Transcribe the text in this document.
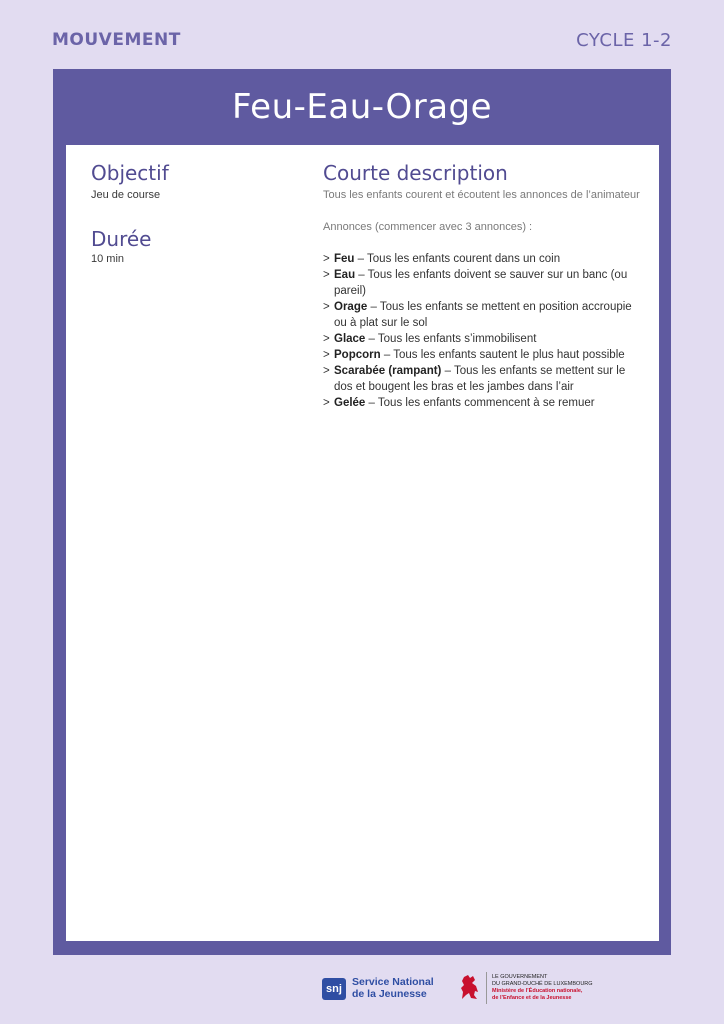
MOUVEMENT	CYCLE 1-2
Feu-Eau-Orage
Objectif
Jeu de course
Durée
10 min
Courte description
Tous les enfants courent et écoutent les annonces de l’animateur
Annonces (commencer avec 3 annonces) :
> Feu – Tous les enfants courent dans un coin
> Eau – Tous les enfants doivent se sauver sur un banc (ou pareil)
> Orage – Tous les enfants se mettent en position accroupie ou à plat sur le sol
> Glace – Tous les enfants s’immobilisent
> Popcorn – Tous les enfants sautent le plus haut possible
> Scarabée (rampant) – Tous les enfants se mettent sur le dos et bougent les bras et les jambes dans l’air
> Gelée – Tous les enfants commencent à se remuer
snj
Service National
de la Jeunesse
LE GOUVERNEMENT
DU GRAND-DUCHÉ DE LUXEMBOURG
Ministère de l’Éducation nationale,
de l’Enfance et de la Jeunesse
